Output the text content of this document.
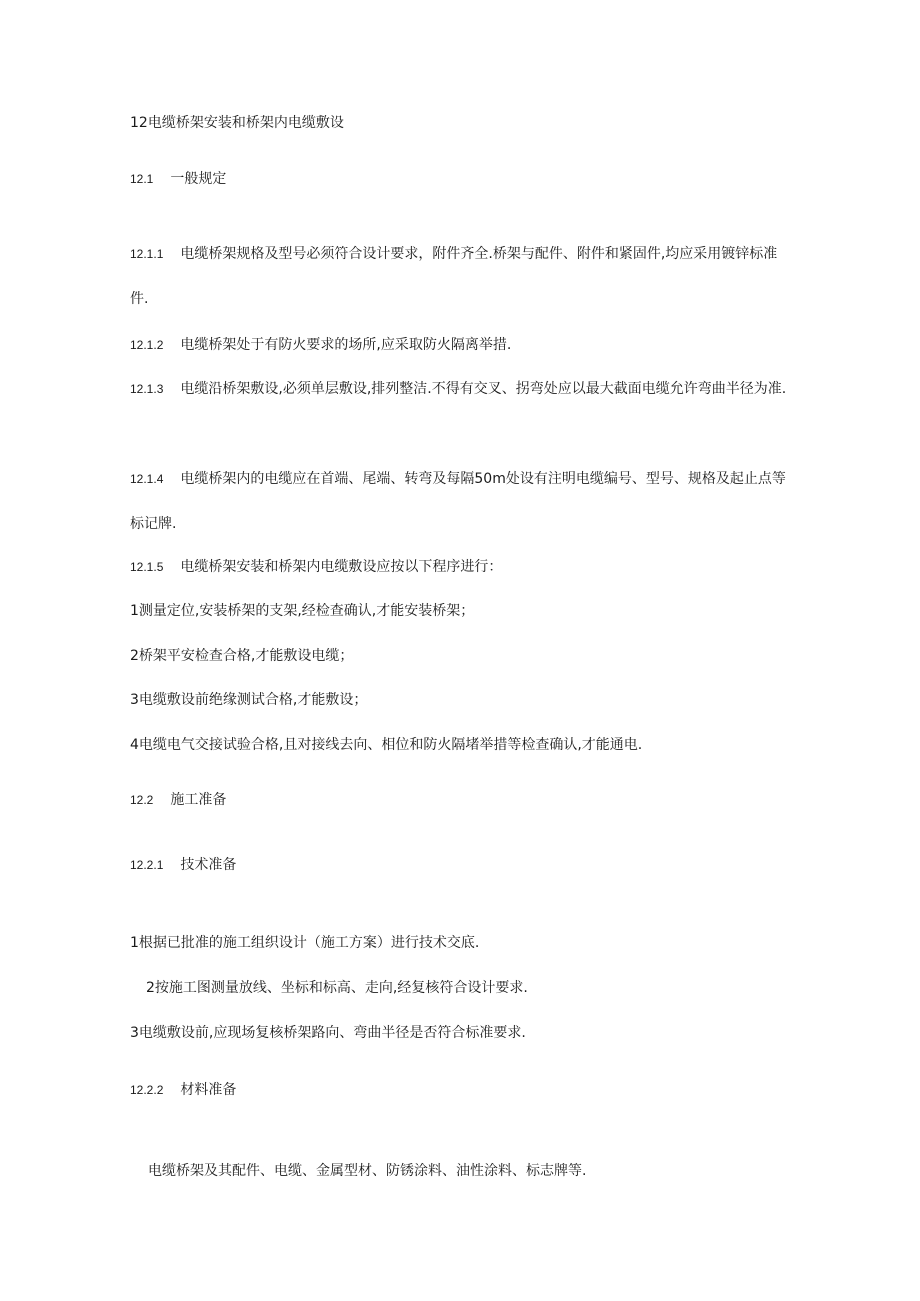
12电缆桥架安装和桥架内电缆敷设
12.1 一般规定
12.1.1 电缆桥架规格及型号必须符合设计要求，附件齐全.桥架与配件、附件和紧固件,均应采用镀锌标准件.
12.1.2 电缆桥架处于有防火要求的场所,应采取防火隔离举措.
12.1.3 电缆沿桥架敷设,必须单层敷设,排列整洁.不得有交叉、拐弯处应以最大截面电缆允许弯曲半径为准.
12.1.4 电缆桥架内的电缆应在首端、尾端、转弯及每隔50m处设有注明电缆编号、型号、规格及起止点等标记牌.
12.1.5 电缆桥架安装和桥架内电缆敷设应按以下程序进行：
1测量定位,安装桥架的支架,经检查确认,才能安装桥架；
2桥架平安检查合格,才能敷设电缆；
3电缆敷设前绝缘测试合格,才能敷设；
4电缆电气交接试验合格,且对接线去向、相位和防火隔堵举措等检查确认,才能通电.
12.2 施工准备
12.2.1 技术准备
1根据已批准的施工组织设计（施工方案）进行技术交底.
2按施工图测量放线、坐标和标高、走向,经复核符合设计要求.
3电缆敷设前,应现场复核桥架路向、弯曲半径是否符合标准要求.
12.2.2 材料准备
电缆桥架及其配件、电缆、金属型材、防锈涂料、油性涂料、标志牌等.
